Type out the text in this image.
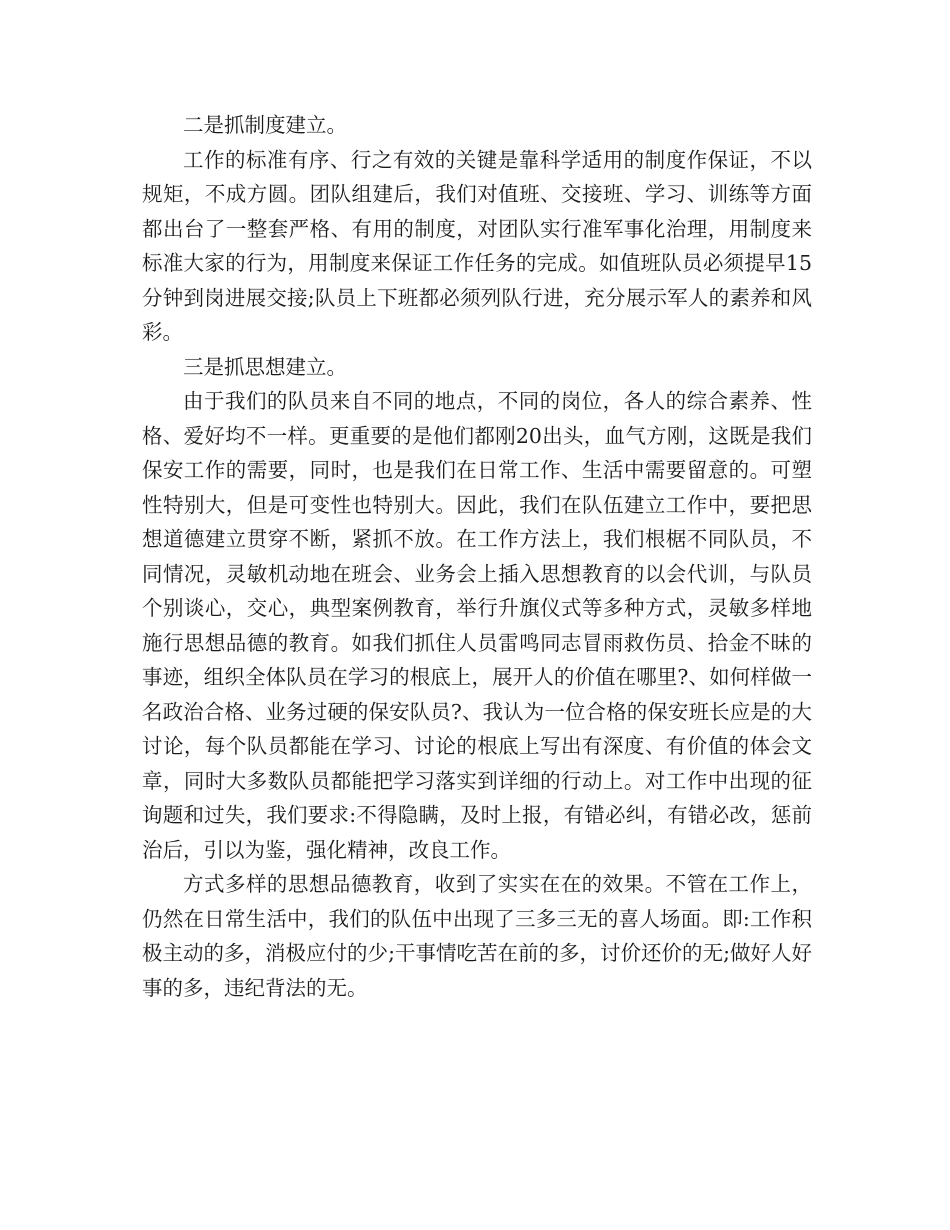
二是抓制度建立。

工作的标准有序、行之有效的关键是靠科学适用的制度作保证，不以规矩，不成方圆。团队组建后，我们对值班、交接班、学习、训练等方面都出台了一整套严格、有用的制度，对团队实行准军事化治理，用制度来标准大家的行为，用制度来保证工作任务的完成。如值班队员必须提早15分钟到岗进展交接;队员上下班都必须列队行进，充分展示军人的素养和风彩。

三是抓思想建立。

由于我们的队员来自不同的地点，不同的岗位，各人的综合素养、性格、爱好均不一样。更重要的是他们都刚20出头，血气方刚，这既是我们保安工作的需要，同时，也是我们在日常工作、生活中需要留意的。可塑性特别大，但是可变性也特别大。因此，我们在队伍建立工作中，要把思想道德建立贯穿不断，紧抓不放。在工作方法上，我们根椐不同队员，不同情况，灵敏机动地在班会、业务会上插入思想教育的以会代训，与队员个别谈心，交心，典型案例教育，举行升旗仪式等多种方式，灵敏多样地施行思想品德的教育。如我们抓住人员雷鸣同志冒雨救伤员、拾金不昧的事迹，组织全体队员在学习的根底上，展开人的价值在哪里?、如何样做一名政治合格、业务过硬的保安队员?、我认为一位合格的保安班长应是的大讨论，每个队员都能在学习、讨论的根底上写出有深度、有价值的体会文章，同时大多数队员都能把学习落实到详细的行动上。对工作中出现的征询题和过失，我们要求:不得隐瞒，及时上报，有错必纠，有错必改，惩前治后，引以为鉴，强化精神，改良工作。

方式多样的思想品德教育，收到了实实在在的效果。不管在工作上，仍然在日常生活中，我们的队伍中出现了三多三无的喜人场面。即:工作积极主动的多，消极应付的少;干事情吃苦在前的多，讨价还价的无;做好人好事的多，违纪背法的无。
